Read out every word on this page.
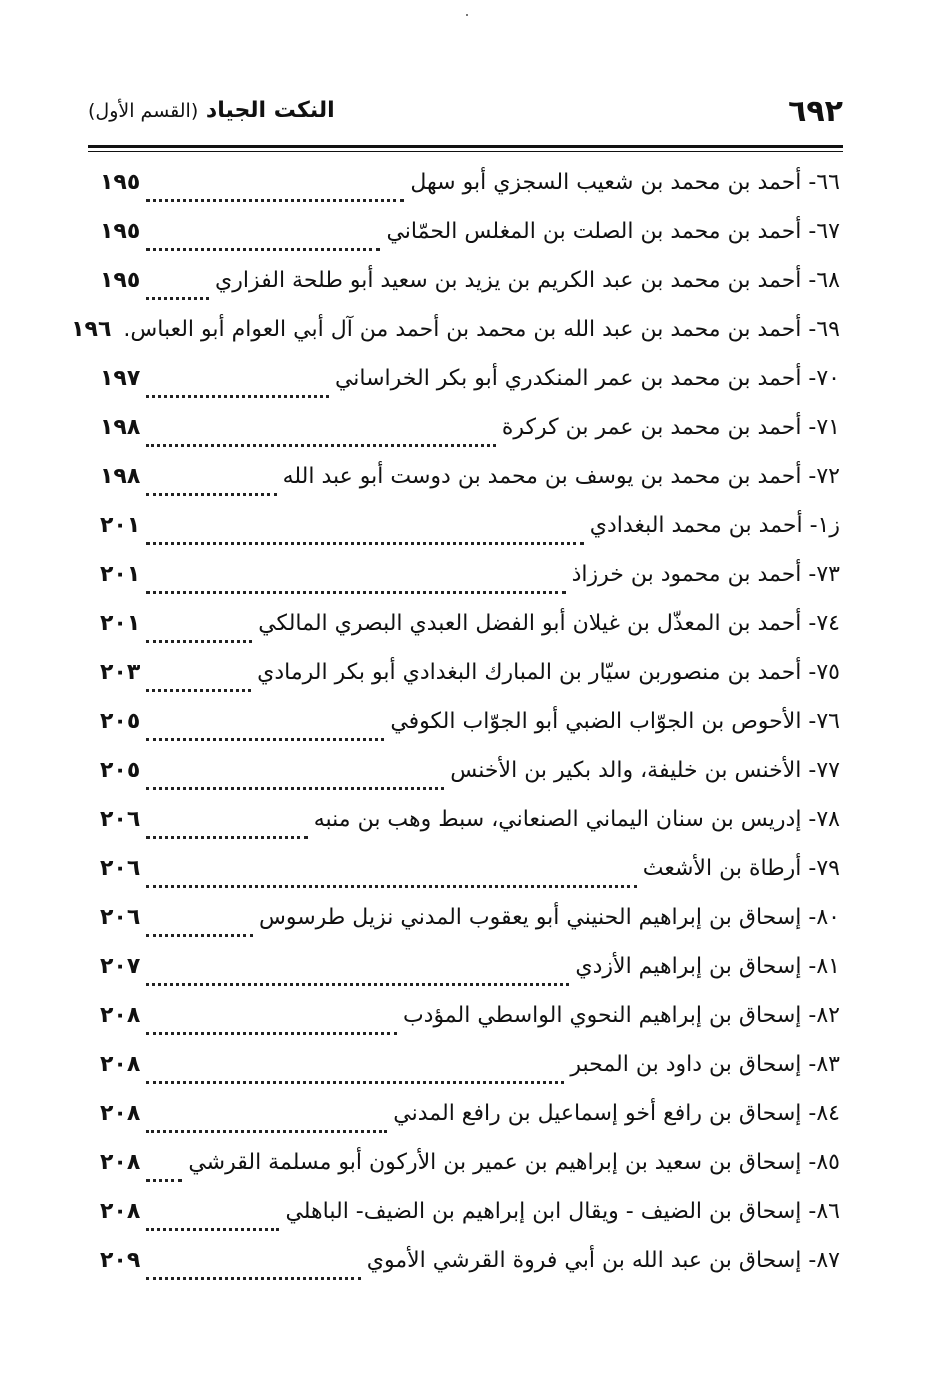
٦٩٢
النكت الجياد (القسم الأول)
٦٦- أحمد بن محمد بن شعيب السجزي أبو سهل
١٩٥
٦٧- أحمد بن محمد بن الصلت بن المغلس الحمّاني
١٩٥
٦٨- أحمد بن محمد بن عبد الكريم بن يزيد بن سعيد أبو طلحة الفزاري
١٩٥
٦٩- أحمد بن محمد بن عبد الله بن محمد بن أحمد من آل أبي العوام أبو العباس.
١٩٦
٧٠- أحمد بن محمد بن عمر المنكدري أبو بكر الخراساني
١٩٧
٧١- أحمد بن محمد بن عمر بن كركرة
١٩٨
٧٢- أحمد بن محمد بن يوسف بن محمد بن دوست أبو عبد الله
١٩٨
ز١- أحمد بن محمد البغدادي
٢٠١
٧٣- أحمد بن محمود بن خرزاذ
٢٠١
٧٤- أحمد بن المعذّل بن غيلان أبو الفضل العبدي البصري المالكي
٢٠١
٧٥- أحمد بن منصوربن سيّار بن المبارك البغدادي أبو بكر الرمادي
٢٠٣
٧٦- الأحوص بن الجوّاب الضبي أبو الجوّاب الكوفي
٢٠٥
٧٧- الأخنس بن خليفة، والد بكير بن الأخنس
٢٠٥
٧٨- إدريس بن سنان اليماني الصنعاني، سبط وهب بن منبه
٢٠٦
٧٩- أرطاة بن الأشعث
٢٠٦
٨٠- إسحاق بن إبراهيم الحنيني أبو يعقوب المدني نزيل طرسوس
٢٠٦
٨١- إسحاق بن إبراهيم الأزدي
٢٠٧
٨٢- إسحاق بن إبراهيم النحوي الواسطي المؤدب
٢٠٨
٨٣- إسحاق بن داود بن المحبر
٢٠٨
٨٤- إسحاق بن رافع أخو إسماعيل بن رافع المدني
٢٠٨
٨٥- إسحاق بن سعيد بن إبراهيم بن عمير بن الأركون أبو مسلمة القرشي
٢٠٨
٨٦- إسحاق بن الضيف - ويقال ابن إبراهيم بن الضيف- الباهلي
٢٠٨
٨٧- إسحاق بن عبد الله بن أبي فروة القرشي الأموي
٢٠٩
